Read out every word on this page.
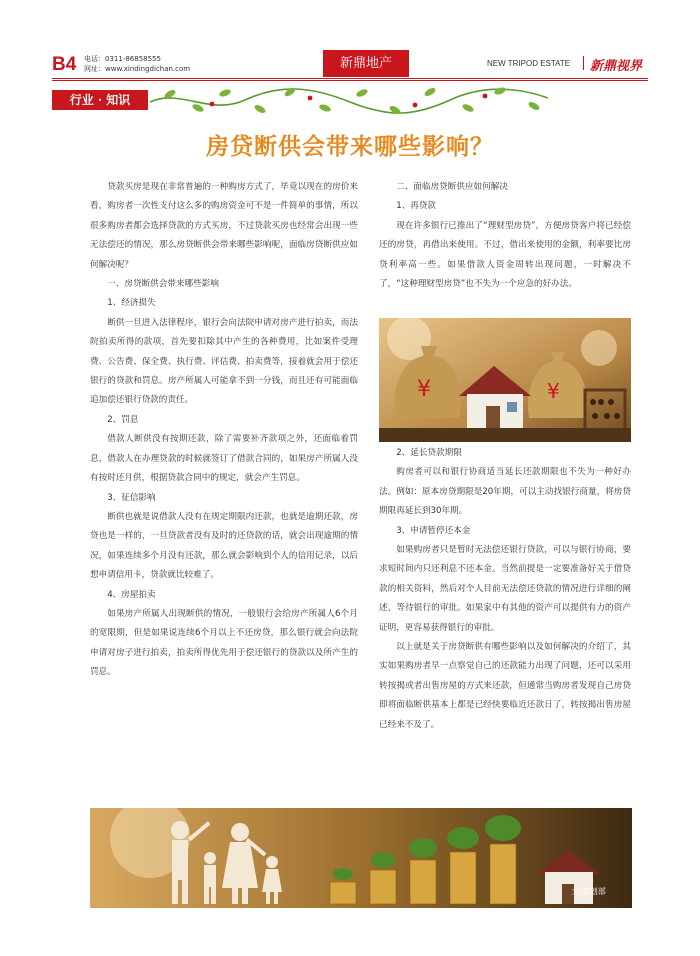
B4 电话：0311-86858555
网址：www.xindingdichan.com	新鼎地产	NEW TRIPOD ESTATE 新鼎视界
行业 · 知识
房贷断供会带来哪些影响？

贷款买房是现在非常普遍的一种购房方式了，毕竟以现在的房价来看，购房者一次性支付这么多的购房资金可不是一件简单的事情，所以很多购房者都会选择贷款的方式买房，不过贷款买房也经常会出现一些无法偿还的情况，那么房贷断供会带来哪些影响呢，面临房贷断供应如何解决呢？

一、房贷断供会带来哪些影响

1、经济损失

断供一旦进入法律程序，银行会向法院申请对房产进行拍卖，而法院拍卖所得的款项，首先要扣除其中产生的各种费用，比如案件受理费、公告费、保全费、执行费、评估费、拍卖费等，接着就会用于偿还银行的贷款和罚息。房产所属人可能拿不到一分钱，而且还有可能面临追加偿还银行贷款的责任。

2、罚息

借款人断供没有按期还款，除了需要补齐款项之外，还面临着罚息，借款人在办理贷款的时候就签订了借款合同的，如果房产所属人没有按时还月供，根据贷款合同中的规定，就会产生罚息。

3、征信影响

断供也就是说借款人没有在规定期限内还款，也就是逾期还款，房贷也是一样的，一旦贷款者没有及时的还贷款的话，就会出现逾期的情况，如果连续多个月没有还款，那么就会影响到个人的信用记录，以后想申请信用卡，贷款就比较难了。

4、房屋拍卖

如果房产所属人出现断供的情况，一般银行会给房产所属人6个月的宽限期，但是如果说连续6个月以上不还房贷，那么银行就会向法院申请对房子进行拍卖，拍卖所得优先用于偿还银行的贷款以及所产生的罚息。

二、面临房贷断供应如何解决

1、再贷款

现在许多银行已推出了“理财型房贷”，方便房贷客户将已经偿还的房贷，再借出来使用。不过，借出来使用的金额，利率要比房贷利率高一些。如果借款人资金周转出现问题，一时解决不了，“这种理财型房贷”也不失为一个应急的好办法。

¥	¥

2、延长贷款期限

购房者可以和银行协商适当延长还款期限也不失为一种好办法。例如：原本房贷期限是20年期，可以主动找银行商量，将房贷期限再延长到30年期。

3、申请暂停还本金

如果购房者只是暂时无法偿还银行贷款，可以与银行协商，要求短时间内只还利息不还本金。当然前提是一定要准备好关于借贷款的相关资料，然后对个人目前无法偿还贷款的情况进行详细的阐述，等待银行的审批。如果家中有其他的资产可以提供有力的资产证明，更容易获得银行的审批。

以上就是关于房贷断供有哪些影响以及如何解决的介绍了，其实如果购房者早一点察觉自己的还款能力出现了问题，还可以采用转按揭或者出售房屋的方式来还款，但通常当购房者发现自己房贷即将面临断供基本上都是已经快要临近还款日了，转按揭出售房屋已经来不及了。

文/策划部
